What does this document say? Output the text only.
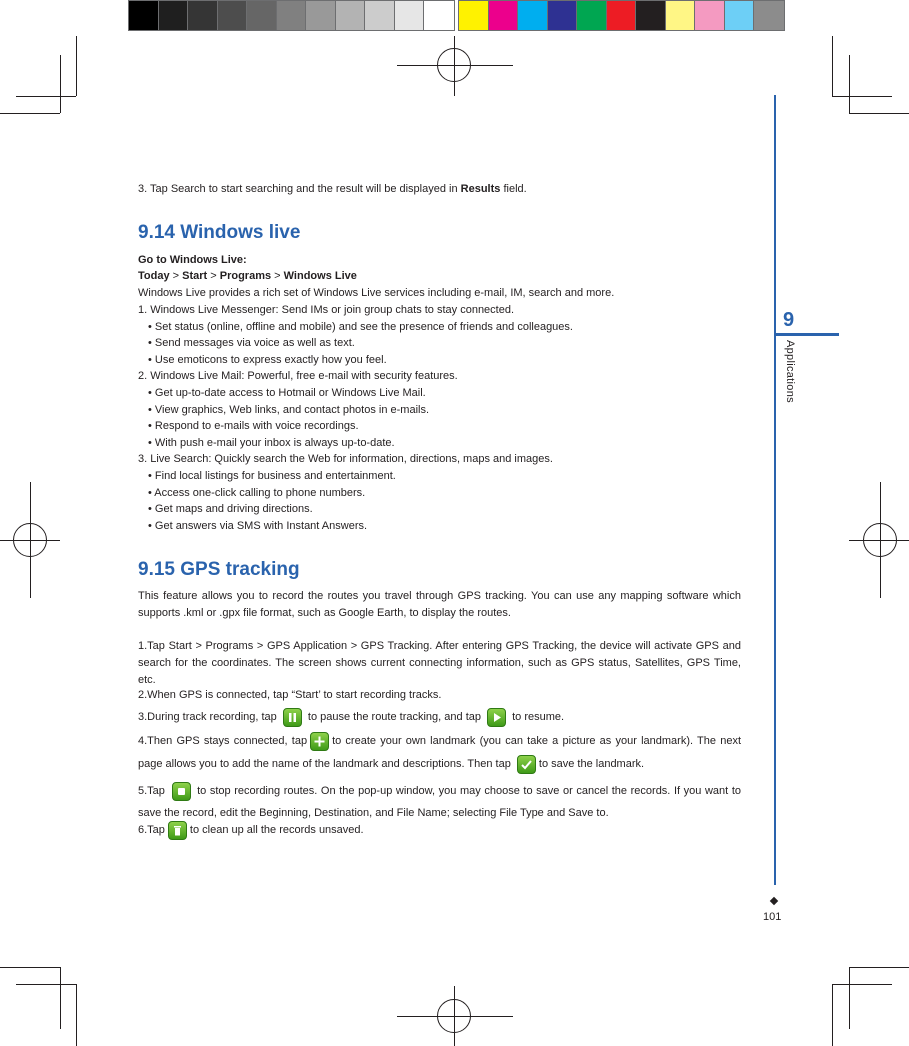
9
Applications
101
3. Tap Search to start searching and the result will be displayed in Results field.
9.14 Windows live
Go to Windows Live:
Today > Start > Programs > Windows Live
Windows Live provides a rich set of Windows Live services including e-mail, IM, search and more.
1. Windows Live Messenger: Send IMs or join group chats to stay connected.
• Set status (online, offline and mobile) and see the presence of friends and colleagues.
• Send messages via voice as well as text.
• Use emoticons to express exactly how you feel.
2. Windows Live Mail: Powerful, free e-mail with security features.
• Get up-to-date access to Hotmail or Windows Live Mail.
• View graphics, Web links, and contact photos in e-mails.
• Respond to e-mails with voice recordings.
• With push e-mail your inbox is always up-to-date.
3. Live Search: Quickly search the Web for information, directions, maps and images.
• Find local listings for business and entertainment.
• Access one-click calling to phone numbers.
• Get maps and driving directions.
• Get answers via SMS with Instant Answers.
9.15 GPS tracking
This feature allows you to record the routes you travel through GPS tracking. You can use any mapping software which supports .kml or .gpx file format, such as Google Earth, to display the routes.
1.Tap Start > Programs > GPS Application > GPS Tracking. After entering GPS Tracking, the device will activate GPS and search for the coordinates. The screen shows current connecting information, such as GPS status, Satellites, GPS Time, etc.
2.When GPS is connected, tap “Start’ to start recording tracks.
3.During track recording, tap	to pause the route tracking, and tap	to resume.
4.Then GPS stays connected, tap to create your own landmark (you can take a picture as your landmark). The next page allows you to add the name of the landmark and descriptions. Then tap	to save the landmark.
5.Tap	to stop recording routes. On the pop-up window, you may choose to save or cancel the records. If you want to save the record, edit the Beginning, Destination, and File Name; selecting File Type and Save to.
6.Tap to clean up all the records unsaved.
